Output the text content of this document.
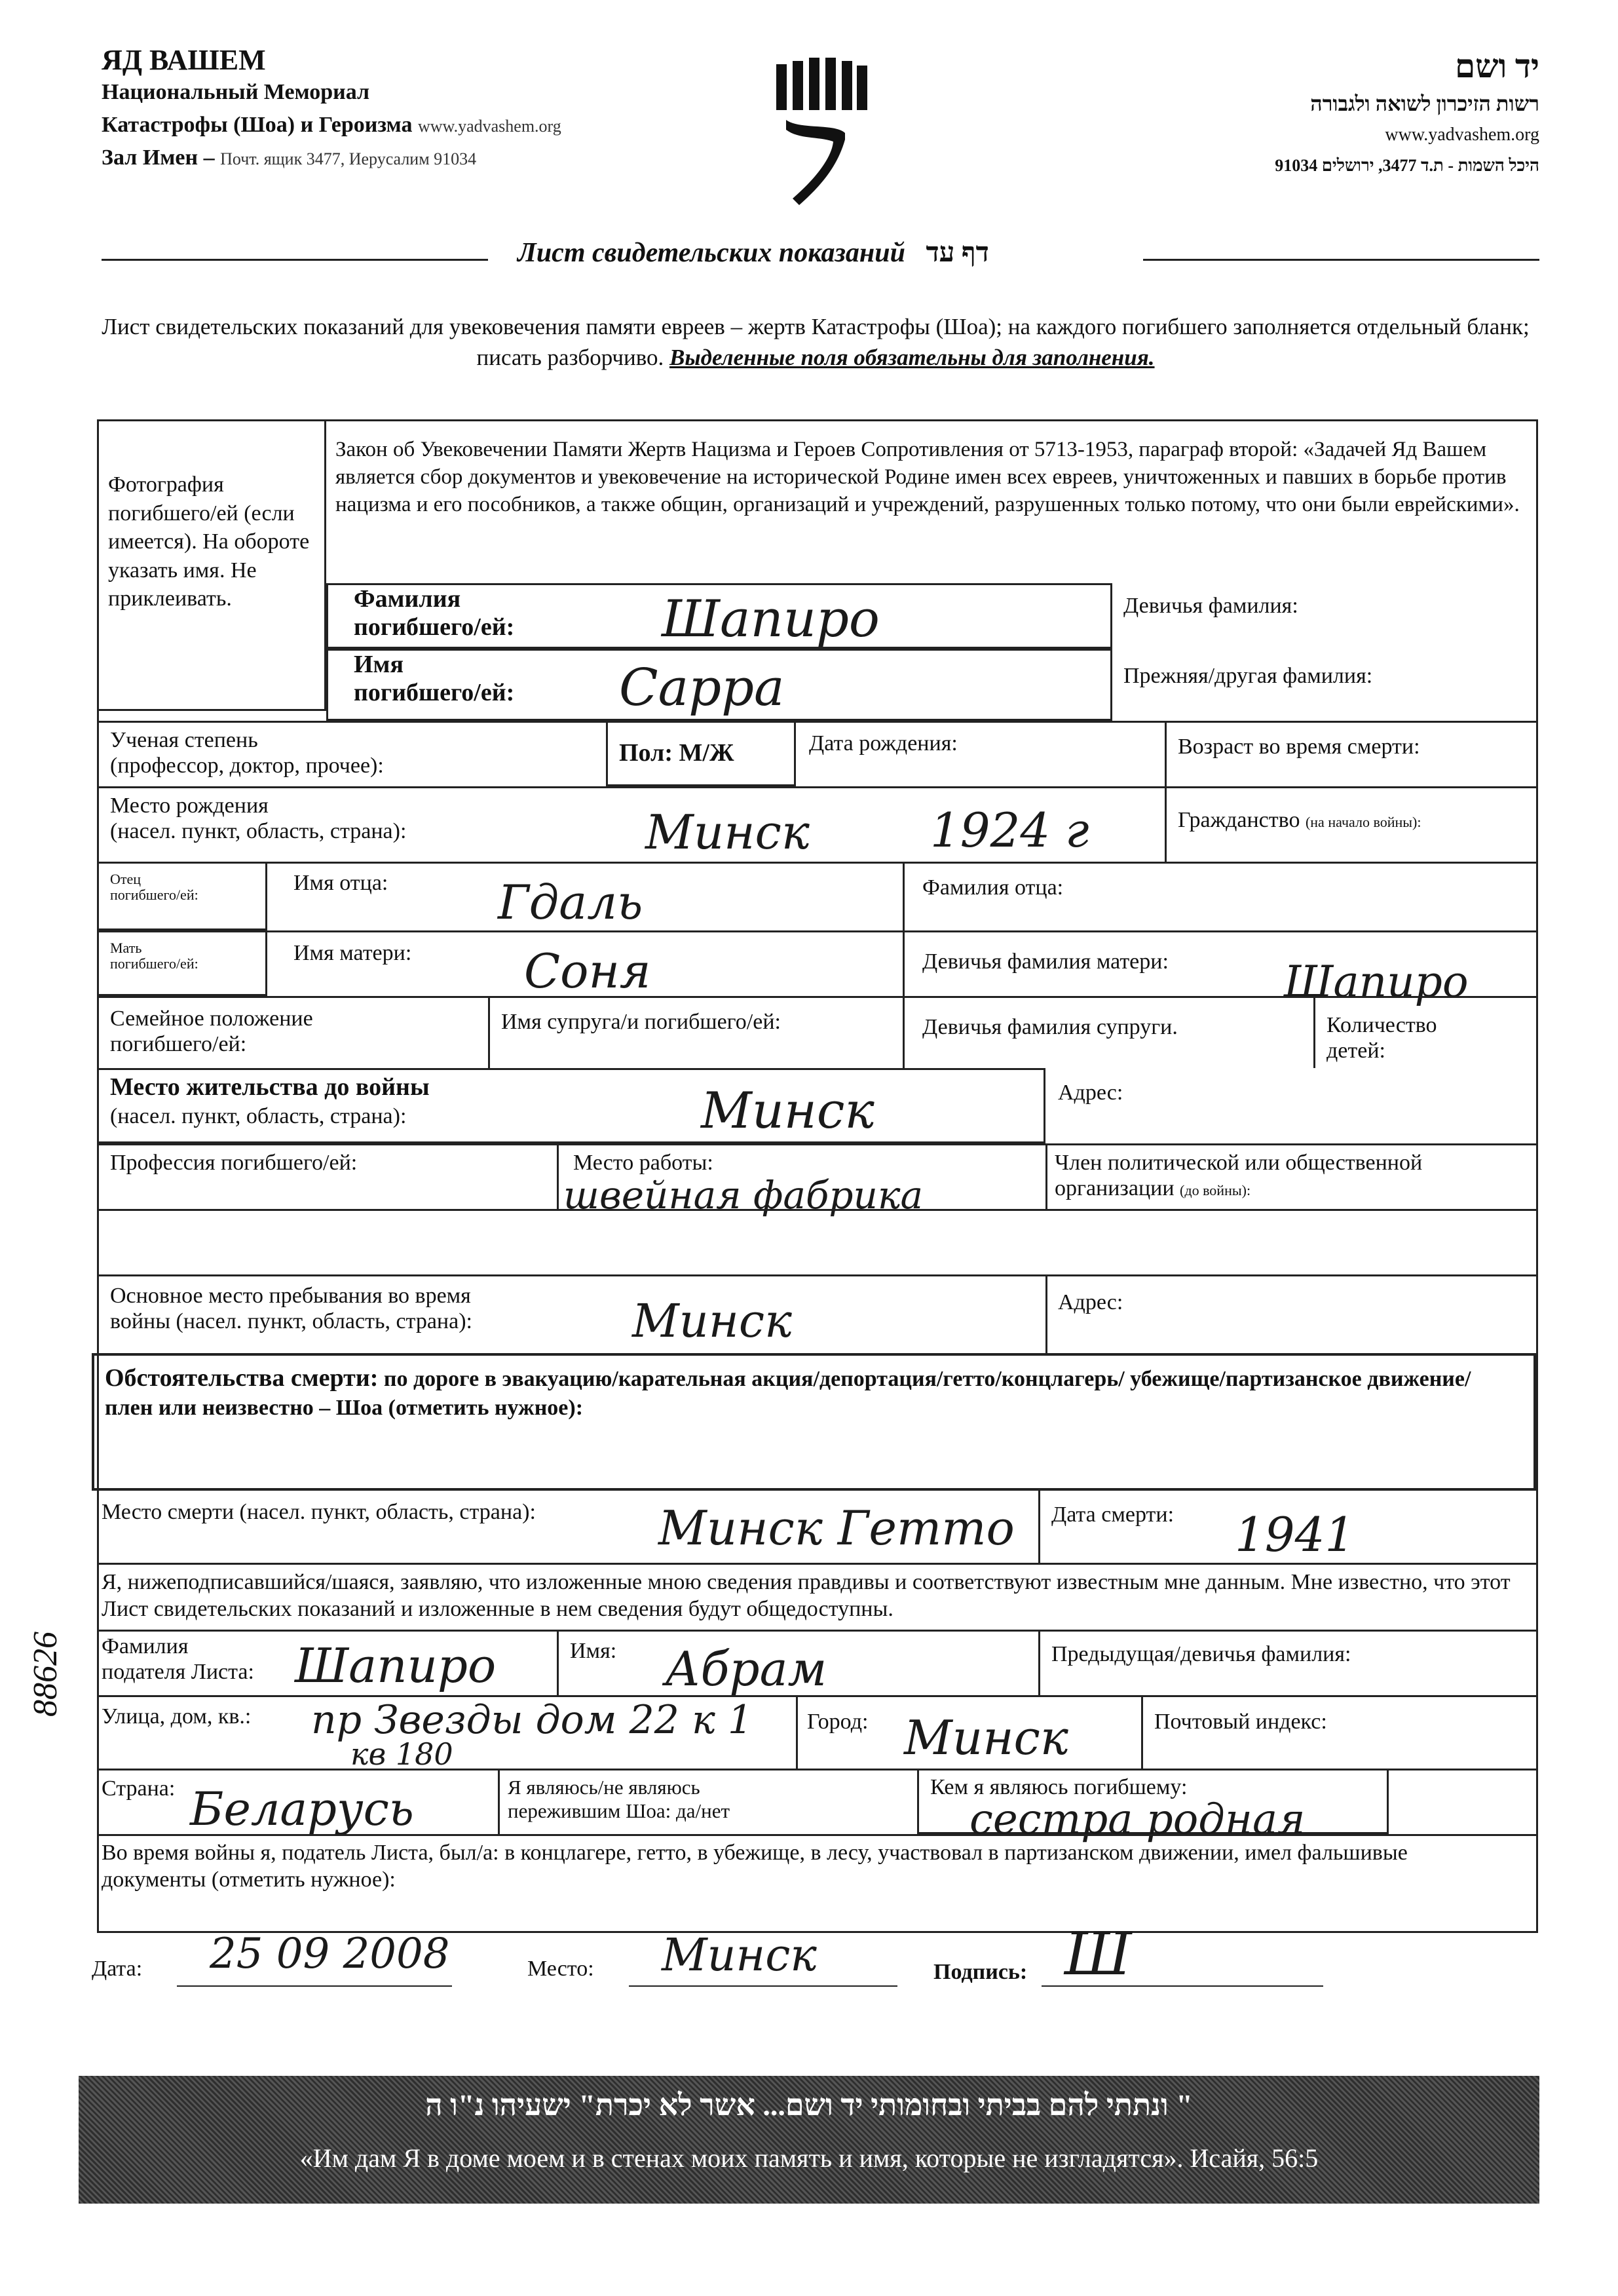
ЯД ВАШЕМ
Национальный Мемориал
Катастрофы (Шоа) и Героизма www.yadvashem.org
Зал Имен – Почт. ящик 3477, Иерусалим 91034
יד ושם
רשות הזיכרון לשואה ולגבורה
www.yadvashem.org
היכל השמות - ת.ד 3477, ירושלים 91034
Лист свидетельских показаний דף עד
Лист свидетельских показаний для увековечения памяти евреев – жертв Катастрофы (Шоа); на каждого погибшего заполняется отдельный бланк; писать разборчиво. Выделенные поля обязательны для заполнения.
Фотография погибшего/ей (если имеется). На обороте указать имя. Не приклеивать.
Закон об Увековечении Памяти Жертв Нацизма и Героев Сопротивления от 5713-1953, параграф второй: «Задачей Яд Вашем является сбор документов и увековечение на исторической Родине имен всех евреев, уничтоженных и павших в борьбе против нацизма и его пособников, а также общин, организаций и учреждений, разрушенных только потому, что они были еврейскими».
Фамилия
погибшего/ей:	Шапиро	Девичья фамилия:
Имя
погибшего/ей: Сарра	Прежняя/другая фамилия:
Ученая степень
(профессор, доктор, прочее):	Пол: М/Ж	Дата рождения:	Возраст во время смерти:
Место рождения
(насел. пункт, область, страна):	Минск	1924 г	Гражданство (на начало войны):
Отец
погибшего/ей:	Имя отца: Гдаль	Фамилия отца:
Мать
погибшего/ей:	Имя матери: Соня	Девичья фамилия матери:	Шапиро
Семейное положение
погибшего/ей:
Имя супруга/и погибшего/ей:	Девичья фамилия супруги.	Количество
детей:
Место жительства до войны
(насел. пункт, область, страна):	Минск	Адрес:
Профессия погибшего/ей:	Место работы:
швейная фабрика
Член политической или общественной
организации (до войны):
Основное место пребывания во время
войны (насел. пункт, область, страна):	Минск	Адрес:
Обстоятельства смерти: по дороге в эвакуацию/карательная акция/депортация/гетто/концлагерь/ убежище/партизанское движение/плен или неизвестно – Шоа (отметить нужное):
Место смерти (насел. пункт, область, страна):	Минск Гетто Дата смерти: 1941
Я, нижеподписавшийся/шаяся, заявляю, что изложенные мною сведения правдивы и соответствуют известным мне данным. Мне известно, что этот Лист свидетельских показаний и изложенные в нем сведения будут общедоступны.
Фамилия
подателя Листа: Шапиро	Имя: Абрам	Предыдущая/девичья фамилия:
Улица, дом, кв.: пр Звезды дом 22 к 1
кв 180
Город: Минск	Почтовый индекс:
Страна: Беларусь	Я являюсь/не являюсь
пережившим Шоа: да/нет
Кем я являюсь погибшему:
сестра родная
Во время войны я, податель Листа, был/а: в концлагере, гетто, в убежище, в лесу, участвовал в партизанском движении, имел фальшивые документы (отметить нужное):
Дата: 25 09 2008	Место: Минск	Подпись: Ш
88626
" ונתתי להם בביתי ובחומותי יד ושם... אשר לא יכרת" ישעיהו נ"ו ה
«Им дам Я в доме моем и в стенах моих память и имя, которые не изгладятся». Исайя, 56:5
